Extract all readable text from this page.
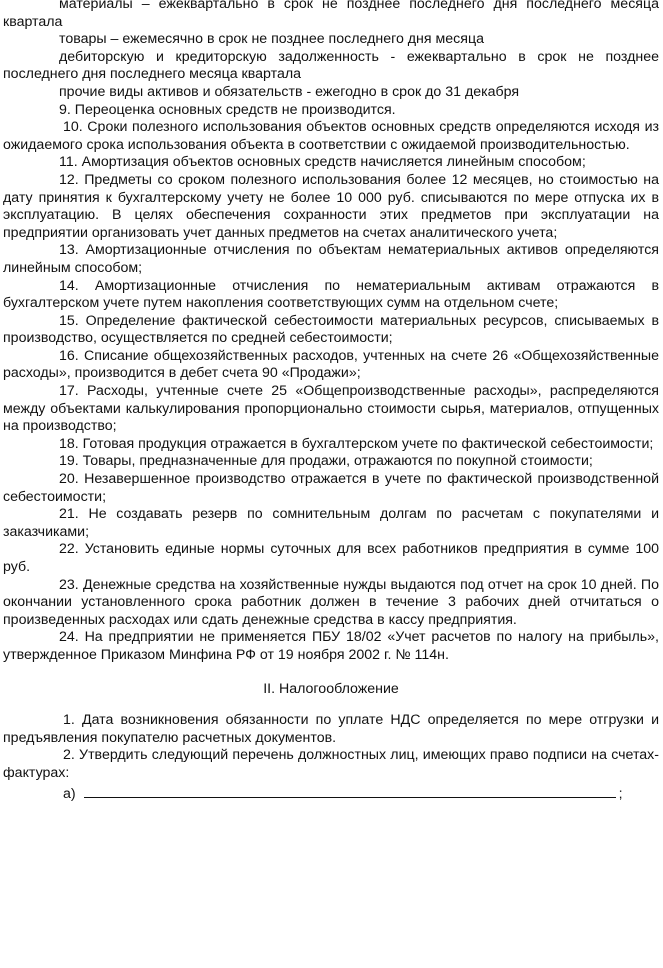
материалы – ежеквартально в срок не позднее последнего дня последнего месяца квартала

товары – ежемесячно в срок не позднее последнего дня месяца

дебиторскую и кредиторскую задолженность - ежеквартально в срок не позднее последнего дня последнего месяца квартала

прочие виды активов и обязательств - ежегодно в срок до 31 декабря

9. Переоценка основных средств не производится.

10. Сроки полезного использования объектов основных средств определяются исходя из ожидаемого срока использования объекта в соответствии с ожидаемой производительностью.

11. Амортизация объектов основных средств начисляется линейным способом;

12. Предметы со сроком полезного использования более 12 месяцев, но стоимостью на дату принятия к бухгалтерскому учету не более 10 000 руб. списываются по мере отпуска их в эксплуатацию. В целях обеспечения сохранности этих предметов при эксплуатации на предприятии организовать учет данных предметов на счетах аналитического учета;

13. Амортизационные отчисления по объектам нематериальных активов определяются линейным способом;

14. Амортизационные отчисления по нематериальным активам отражаются в бухгалтерском учете путем накопления соответствующих сумм на отдельном счете;

15. Определение фактической себестоимости материальных ресурсов, списываемых в производство, осуществляется по средней себестоимости;

16. Списание общехозяйственных расходов, учтенных на счете 26 «Общехозяйственные расходы», производится в дебет счета 90 «Продажи»;

17. Расходы, учтенные счете 25 «Общепроизводственные расходы», распределяются между объектами калькулирования пропорционально стоимости сырья, материалов, отпущенных на производство;

18. Готовая продукция отражается в бухгалтерском учете по фактической себестоимости;

19. Товары, предназначенные для продажи, отражаются по покупной стоимости;

20. Незавершенное производство отражается в учете по фактической производственной себестоимости;

21. Не создавать резерв по сомнительным долгам по расчетам с покупателями и заказчиками;

22. Установить единые нормы суточных для всех работников предприятия в сумме 100 руб.

23. Денежные средства на хозяйственные нужды выдаются под отчет на срок 10 дней. По окончании установленного срока работник должен в течение 3 рабочих дней отчитаться о произведенных расходах или сдать денежные средства в кассу предприятия.

24. На предприятии не применяется ПБУ 18/02 «Учет расчетов по налогу на прибыль», утвержденное Приказом Минфина РФ от 19 ноября 2002 г. № 114н.

II. Налогообложение

1. Дата возникновения обязанности по уплате НДС определяется по мере отгрузки и предъявления покупателю расчетных документов.

2. Утвердить следующий перечень должностных лиц, имеющих право подписи на счетах-фактурах:

а)	;
